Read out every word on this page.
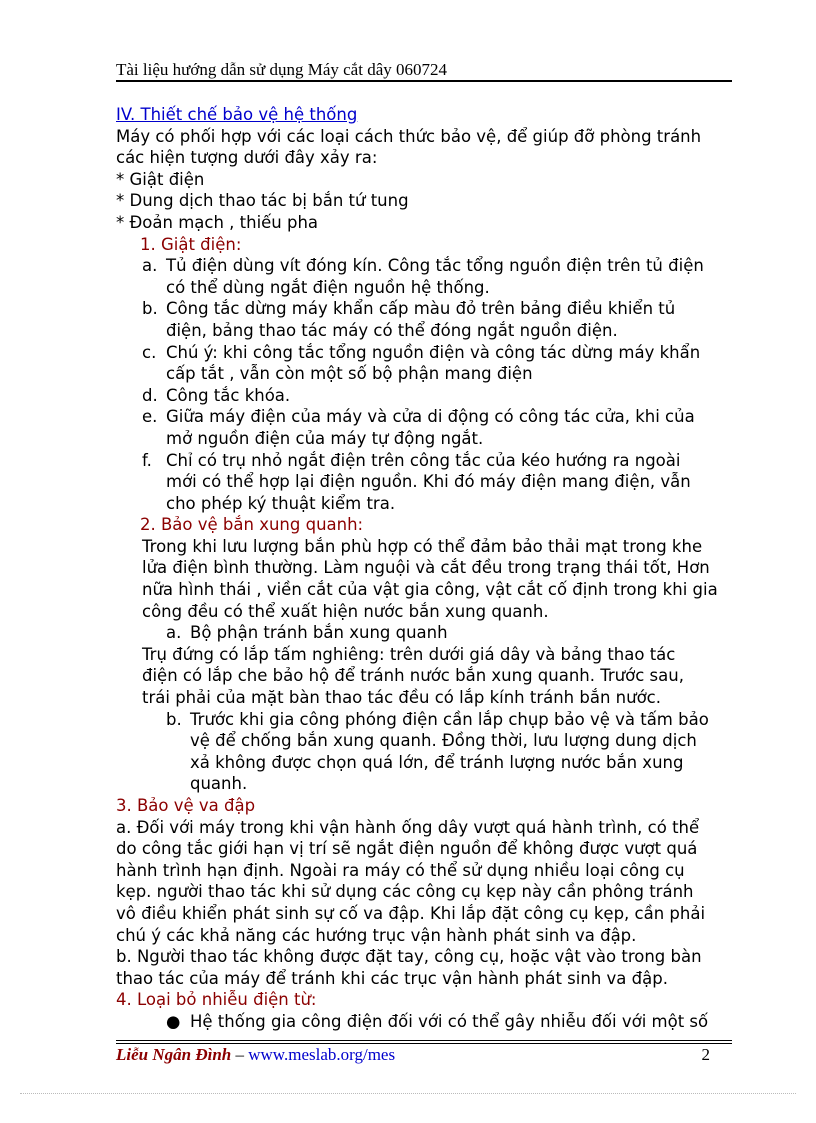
Tài liệu hướng dẫn sử dụng Máy cắt dây 060724
IV. Thiết chế bảo vệ hệ thống
Máy có phối hợp với các loại cách thức bảo vệ, để giúp đỡ phòng tránh
các hiện tượng dưới đây xảy ra:
* Giật điện
* Dung dịch thao tác bị bắn tứ tung
* Đoản mạch , thiếu pha
1. Giật điện:
a. Tủ điện dùng vít đóng kín. Công tắc tổng nguồn điện trên tủ điện
có thể dùng ngắt điện nguồn hệ thống.
b. Công tắc dừng máy khẩn cấp màu đỏ trên bảng điều khiển tủ
điện, bảng thao tác máy có thể đóng ngắt nguồn điện.
c. Chú ý: khi công tắc tổng nguồn điện và công tác dừng máy khẩn
cấp tắt , vẫn còn một số bộ phận mang điện
d. Công tắc khóa.
e. Giữa máy điện của máy và cửa di động có công tác cửa, khi của
mở nguồn điện của máy tự động ngắt.
f. Chỉ có trụ nhỏ ngắt điện trên công tắc của kéo hướng ra ngoài
mới có thể hợp lại điện nguồn. Khi đó máy điện mang điện, vẫn
cho phép ký thuật kiểm tra.
2. Bảo vệ bắn xung quanh:
Trong khi lưu lượng bắn phù hợp có thể đảm bảo thải mạt trong khe
lửa điện bình thường. Làm nguội và cắt đều trong trạng thái tốt, Hơn
nữa hình thái , viền cắt của vật gia công, vật cắt cố định trong khi gia
công đều có thể xuất hiện nước bắn xung quanh.
a. Bộ phận tránh bắn xung quanh
Trụ đứng có lắp tấm nghiêng: trên dưới giá dây và bảng thao tác
điện có lắp che bảo hộ để tránh nước bắn xung quanh. Trước sau,
trái phải của mặt bàn thao tác đều có lắp kính tránh bắn nước.
b. Trước khi gia công phóng điện cần lắp chụp bảo vệ và tấm bảo
vệ để chống bắn xung quanh. Đồng thời, lưu lượng dung dịch
xả không được chọn quá lớn, để tránh lượng nước bắn xung
quanh.
3. Bảo vệ va đập
a. Đối với máy trong khi vận hành ống dây vượt quá hành trình, có thể
do công tắc giới hạn vị trí sẽ ngắt điện nguồn để không được vượt quá
hành trình hạn định. Ngoài ra máy có thể sử dụng nhiều loại công cụ
kẹp. người thao tác khi sử dụng các công cụ kẹp này cần phông tránh
vô điều khiển phát sinh sự cố va đập. Khi lắp đặt công cụ kẹp, cần phải
chú ý các khả năng các hướng trục vận hành phát sinh va đập.
b. Người thao tác không được đặt tay, công cụ, hoặc vật vào trong bàn
thao tác của máy để tránh khi các trục vận hành phát sinh va đập.
4. Loại bỏ nhiễu điện từ:
● Hệ thống gia công điện đối với có thể gây nhiễu đối với một số
Liễu Ngân Đình – www.meslab.org/mes	2
